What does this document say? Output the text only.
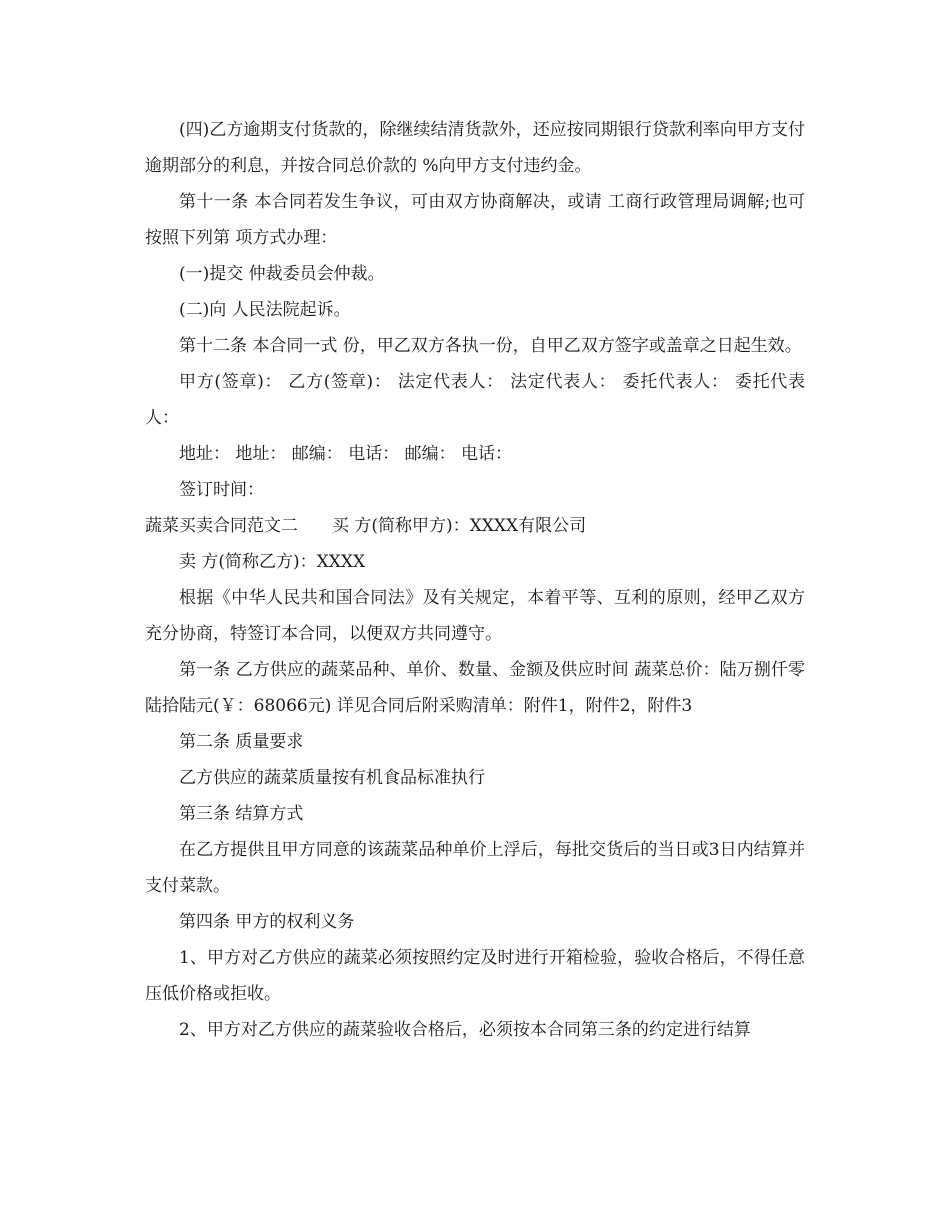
(四)乙方逾期支付货款的，除继续结清货款外，还应按同期银行贷款利率向甲方支付逾期部分的利息，并按合同总价款的 %向甲方支付违约金。

第十一条 本合同若发生争议，可由双方协商解决，或请 工商行政管理局调解;也可按照下列第 项方式办理：

(一)提交 仲裁委员会仲裁。

(二)向 人民法院起诉。

第十二条 本合同一式 份，甲乙双方各执一份，自甲乙双方签字或盖章之日起生效。

甲方(签章)： 乙方(签章)： 法定代表人： 法定代表人： 委托代表人： 委托代表人：

地址： 地址： 邮编： 电话： 邮编： 电话：

签订时间：

蔬菜买卖合同范文二 买 方(简称甲方)：XXXX有限公司

卖 方(简称乙方)：XXXX

根据《中华人民共和国合同法》及有关规定，本着平等、互利的原则，经甲乙双方充分协商，特签订本合同，以便双方共同遵守。

第一条 乙方供应的蔬菜品种、单价、数量、金额及供应时间 蔬菜总价：陆万捌仟零陆拾陆元(￥：68066元) 详见合同后附采购清单：附件1，附件2，附件3

第二条 质量要求

乙方供应的蔬菜质量按有机食品标准执行

第三条 结算方式

在乙方提供且甲方同意的该蔬菜品种单价上浮后，每批交货后的当日或3日内结算并支付菜款。

第四条 甲方的权利义务

1、甲方对乙方供应的蔬菜必须按照约定及时进行开箱检验，验收合格后，不得任意压低价格或拒收。

2、甲方对乙方供应的蔬菜验收合格后，必须按本合同第三条的约定进行结算
